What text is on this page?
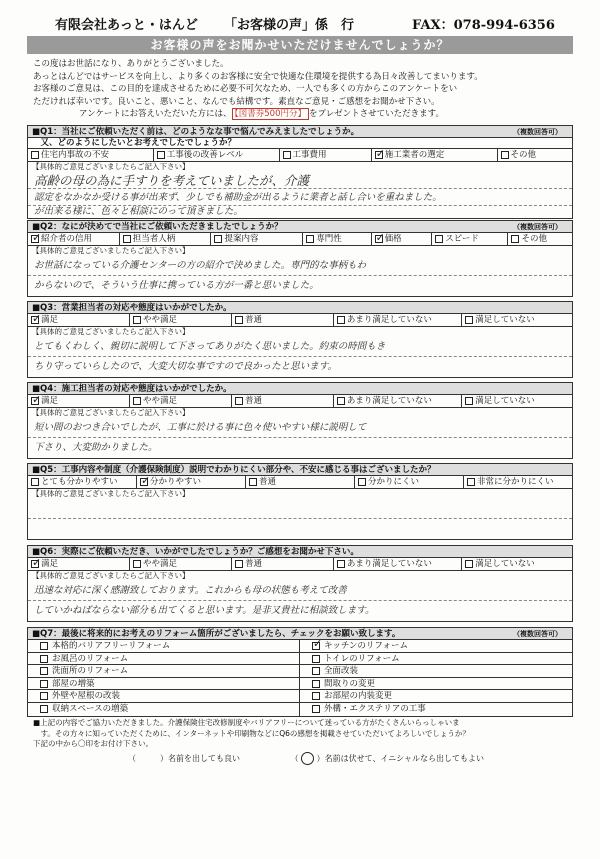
有限会社あっと・はんど 「お客様の声」係　行	FAX：078-994-6356
お客様の声をお聞かせいただけませんでしょうか？

この度はお世話になり、ありがとうございました。

あっとはんどではサービスを向上し、より多くのお客様に安全で快適な住環境を提供する為日々改善してまいります。

お客様のご意見は、この目的を達成させるために必要不可欠なため、一人でも多くの方からこのアンケートをい

ただければ幸いです。良いこと、悪いこと、なんでも結構です。素直なご意見・ご感想をお聞かせ下さい。

アンケートにお答えいただいた方には、 【図書券500円分】 をプレゼントさせていただきます。

■Q1：当社にご依頼いただく前は、どのようなな事で悩んでみえましたでしょうか。	（複数回答可）
　又、どのようにしたいとお考えでしたでしょうか？
住宅内事故の不安	工事後の改善レベル	工事費用 ✓	施工業者の選定	その他
【具体的ご意見ございましたらご記入下さい】
高齢の母の為に手すりを考えていましたが、介護
認定をなかなか受ける事が出来ず、少しでも補助金が出るように業者と話し合いを重ねました。
が出来る様に、色々と相談にのって頂きました。
■Q2：なにが決めてで当社にご依頼いただきましたでしょうか？	（複数回答可）
✓
紹介者の信用	担当者人柄	提案内容	専門性 ✓	価格	スピード	その他
【具体的ご意見ございましたらご記入下さい】
お世話になっている介護センターの方の紹介で決めました。専門的な事柄もわ
からないので、そういう仕事に携っている方が一番と思いました。
■Q3：営業担当者の対応や態度はいかがでしたか。
✓
満足	やや満足	普通	あまり満足していない	満足していない
【具体的ご意見ございましたらご記入下さい】
とてもくわしく、親切に説明して下さってありがたく思いました。約束の時間もき
ちり守っていらしたので、大変大切な事ですので良かったと思います。
■Q4：施工担当者の対応や態度はいかがでしたか。
✓
満足	やや満足	普通	あまり満足していない	満足していない
【具体的ご意見ございましたらご記入下さい】
短い間のおつき合いでしたが、工事に於ける事に色々使いやすい様に説明して
下さり、大変助かりました。
■Q5：工事内容や制度（介護保険制度）説明でわかりにくい部分や、不安に感じる事はございましたか？
とても分かりやすい ✓	分かりやすい	普通	分かりにくい	非常に分かりにくい
【具体的ご意見ございましたらご記入下さい】
■Q6：実際にご依頼いただき、いかがでしたでしょうか？ご感想をお聞かせ下さい。
✓
満足	やや満足	普通	あまり満足していない	満足していない
【具体的ご意見ございましたらご記入下さい】
迅速な対応に深く感謝致しております。これからも母の状態も考えて改善
していかねばならない部分も出てくると思います。是非又貴社に相談致します。
■Q7：最後に将来的にお考えのリフォーム箇所がございましたら、チェックをお願い致します。	（複数回答可）
本格的バリアフリーリフォーム ✓	キッチンのリフォーム
お風呂のリフォーム	トイレのリフォーム
洗面所のリフォーム	全面改装
部屋の増築	間取りの変更
外壁や屋根の改装	お部屋の内装変更
収納スペースの増築	外構・エクステリアの工事

■上記の内容でご協力いただきました。介護保険住宅改修制度やバリアフリーについて迷っている方がたくさんいらっしゃいま

　す。その方々に知っていただくために、インターネットや印刷物などにQ6の感想を掲載させていただいてよろしいでしょうか？

下記の中から〇印をお付け下さい。

（　　　）名前を出しても良い	（ ○ ）名前は伏せて、イニシャルなら出してもよい
